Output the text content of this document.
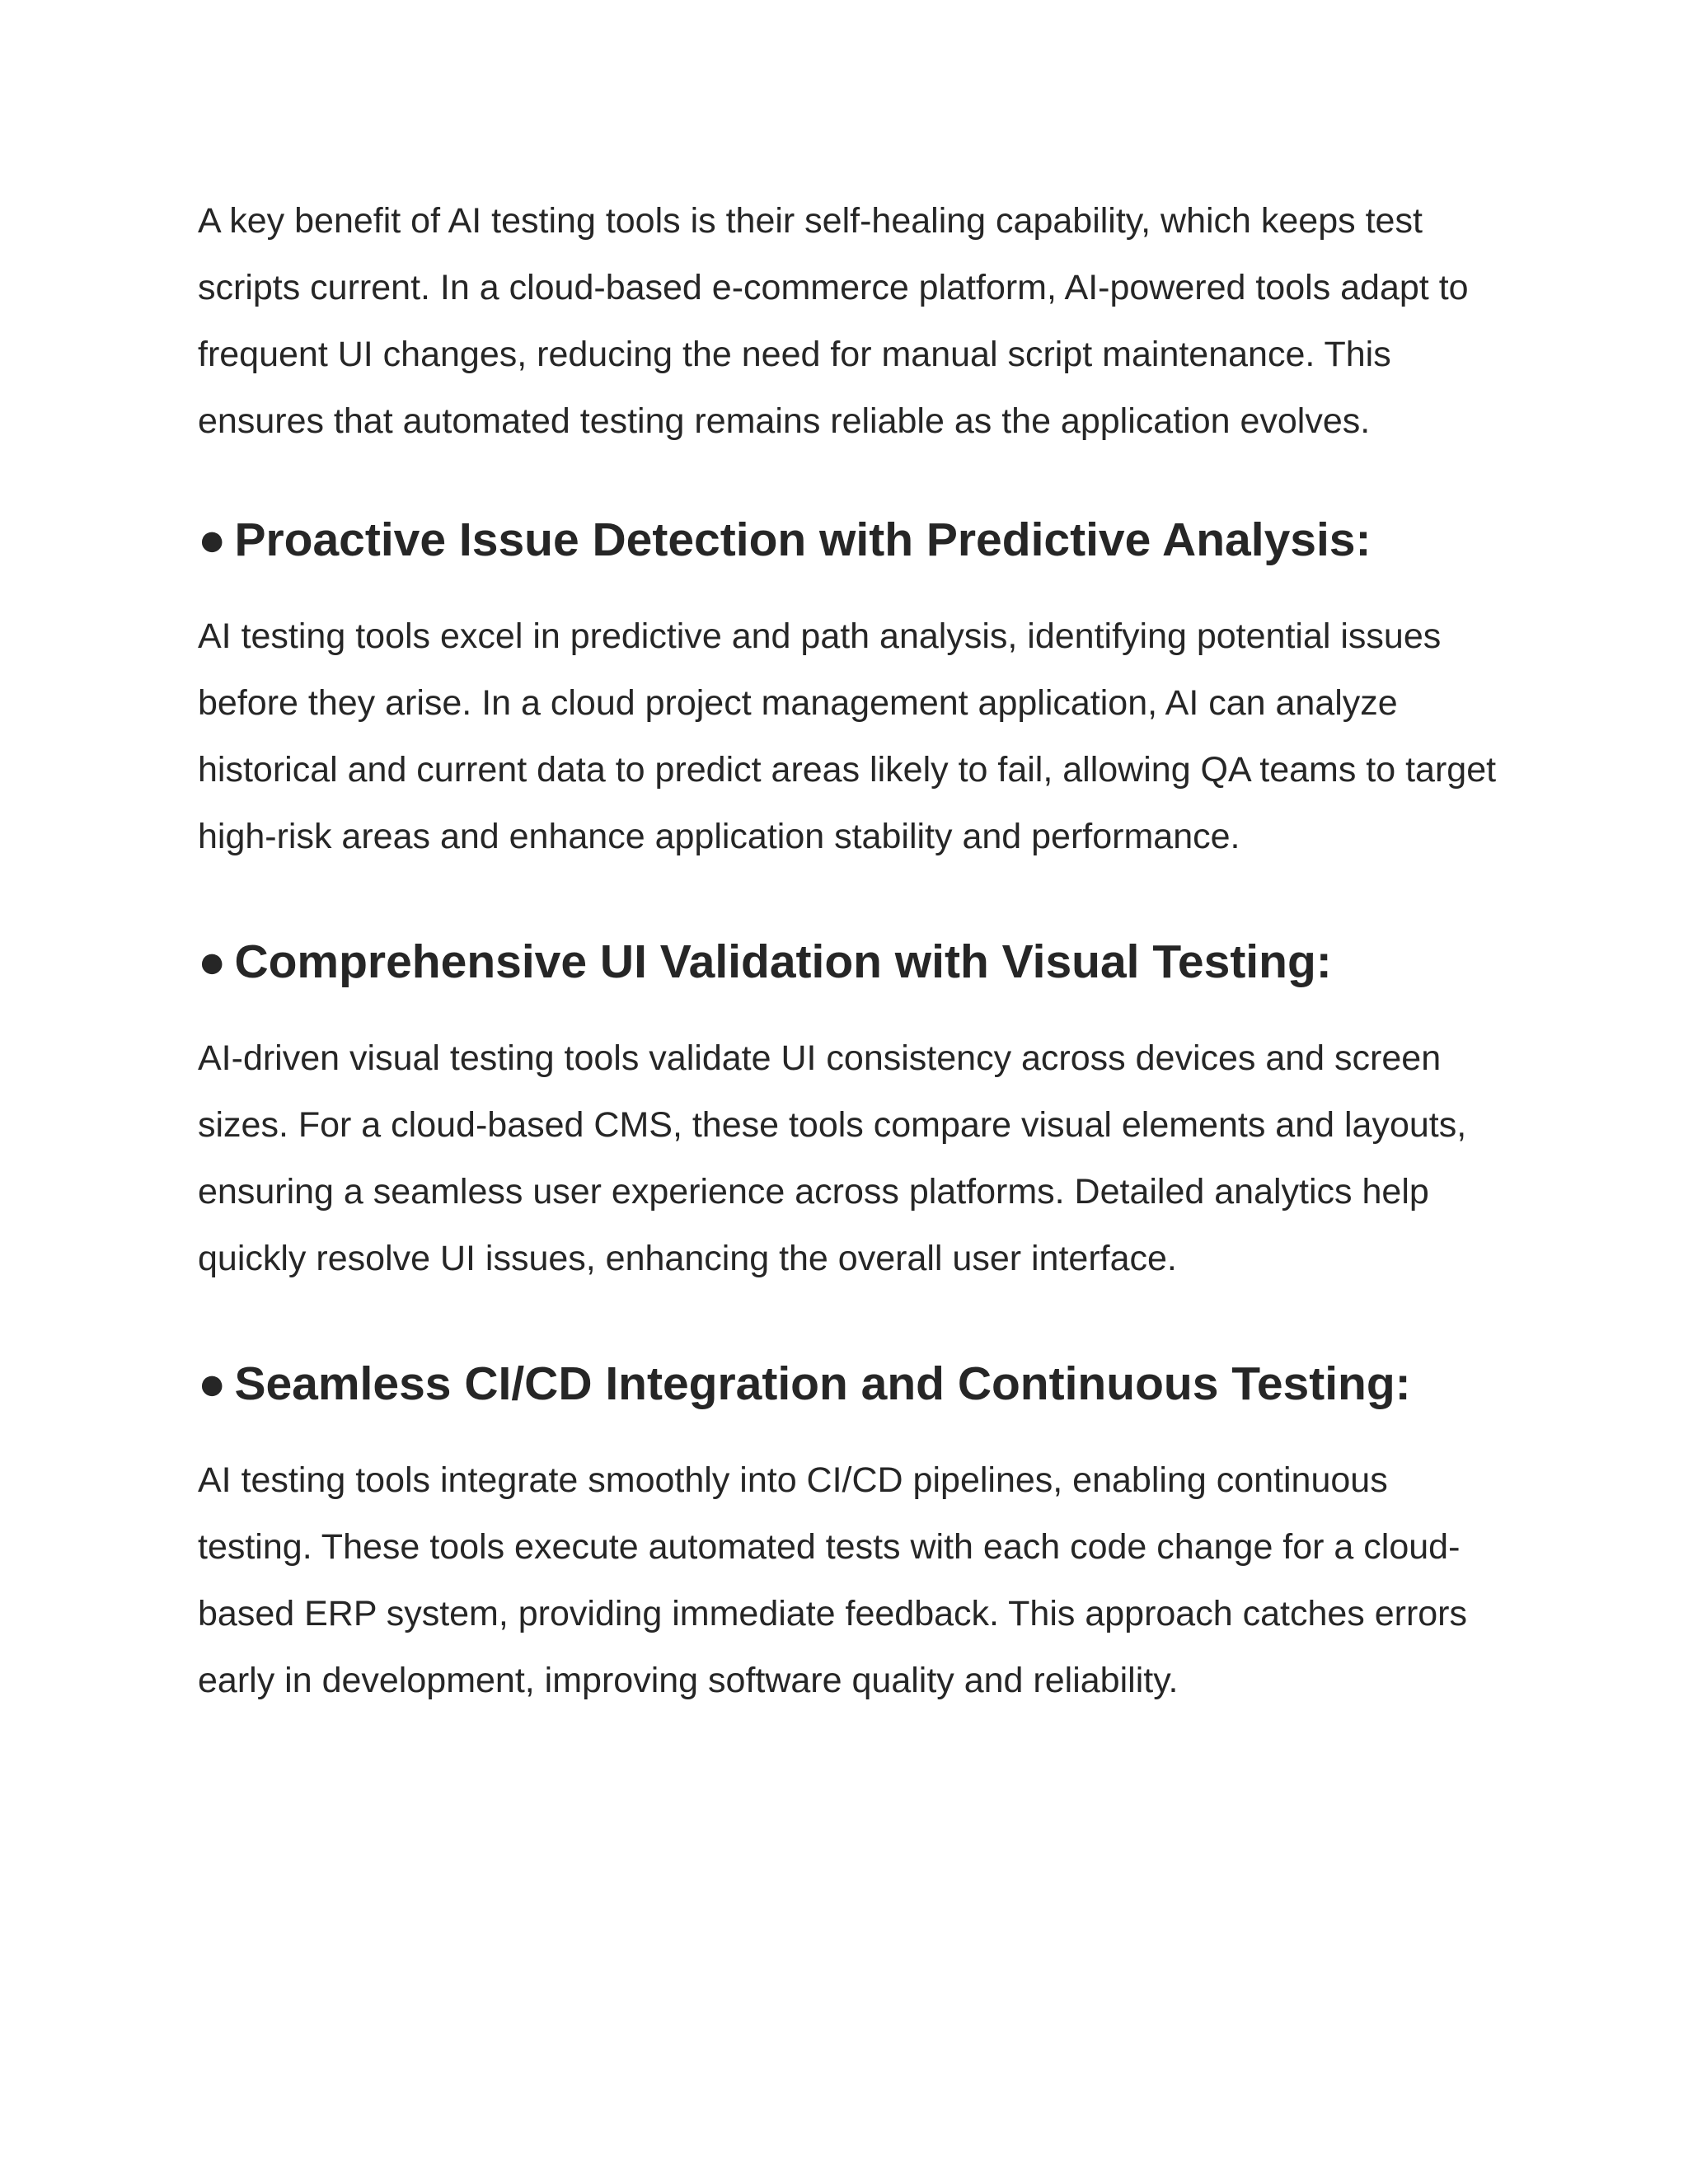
A key benefit of AI testing tools is their self-healing capability, which keeps test scripts current. In a cloud-based e-commerce platform, AI-powered tools adapt to frequent UI changes, reducing the need for manual script maintenance. This ensures that automated testing remains reliable as the application evolves.

● Proactive Issue Detection with Predictive Analysis:

AI testing tools excel in predictive and path analysis, identifying potential issues before they arise. In a cloud project management application, AI can analyze historical and current data to predict areas likely to fail, allowing QA teams to target high-risk areas and enhance application stability and performance.

● Comprehensive UI Validation with Visual Testing:

AI-driven visual testing tools validate UI consistency across devices and screen sizes. For a cloud-based CMS, these tools compare visual elements and layouts, ensuring a seamless user experience across platforms. Detailed analytics help quickly resolve UI issues, enhancing the overall user interface.

● Seamless CI/CD Integration and Continuous Testing:

AI testing tools integrate smoothly into CI/CD pipelines, enabling continuous testing. These tools execute automated tests with each code change for a cloud-based ERP system, providing immediate feedback. This approach catches errors early in development, improving software quality and reliability.
